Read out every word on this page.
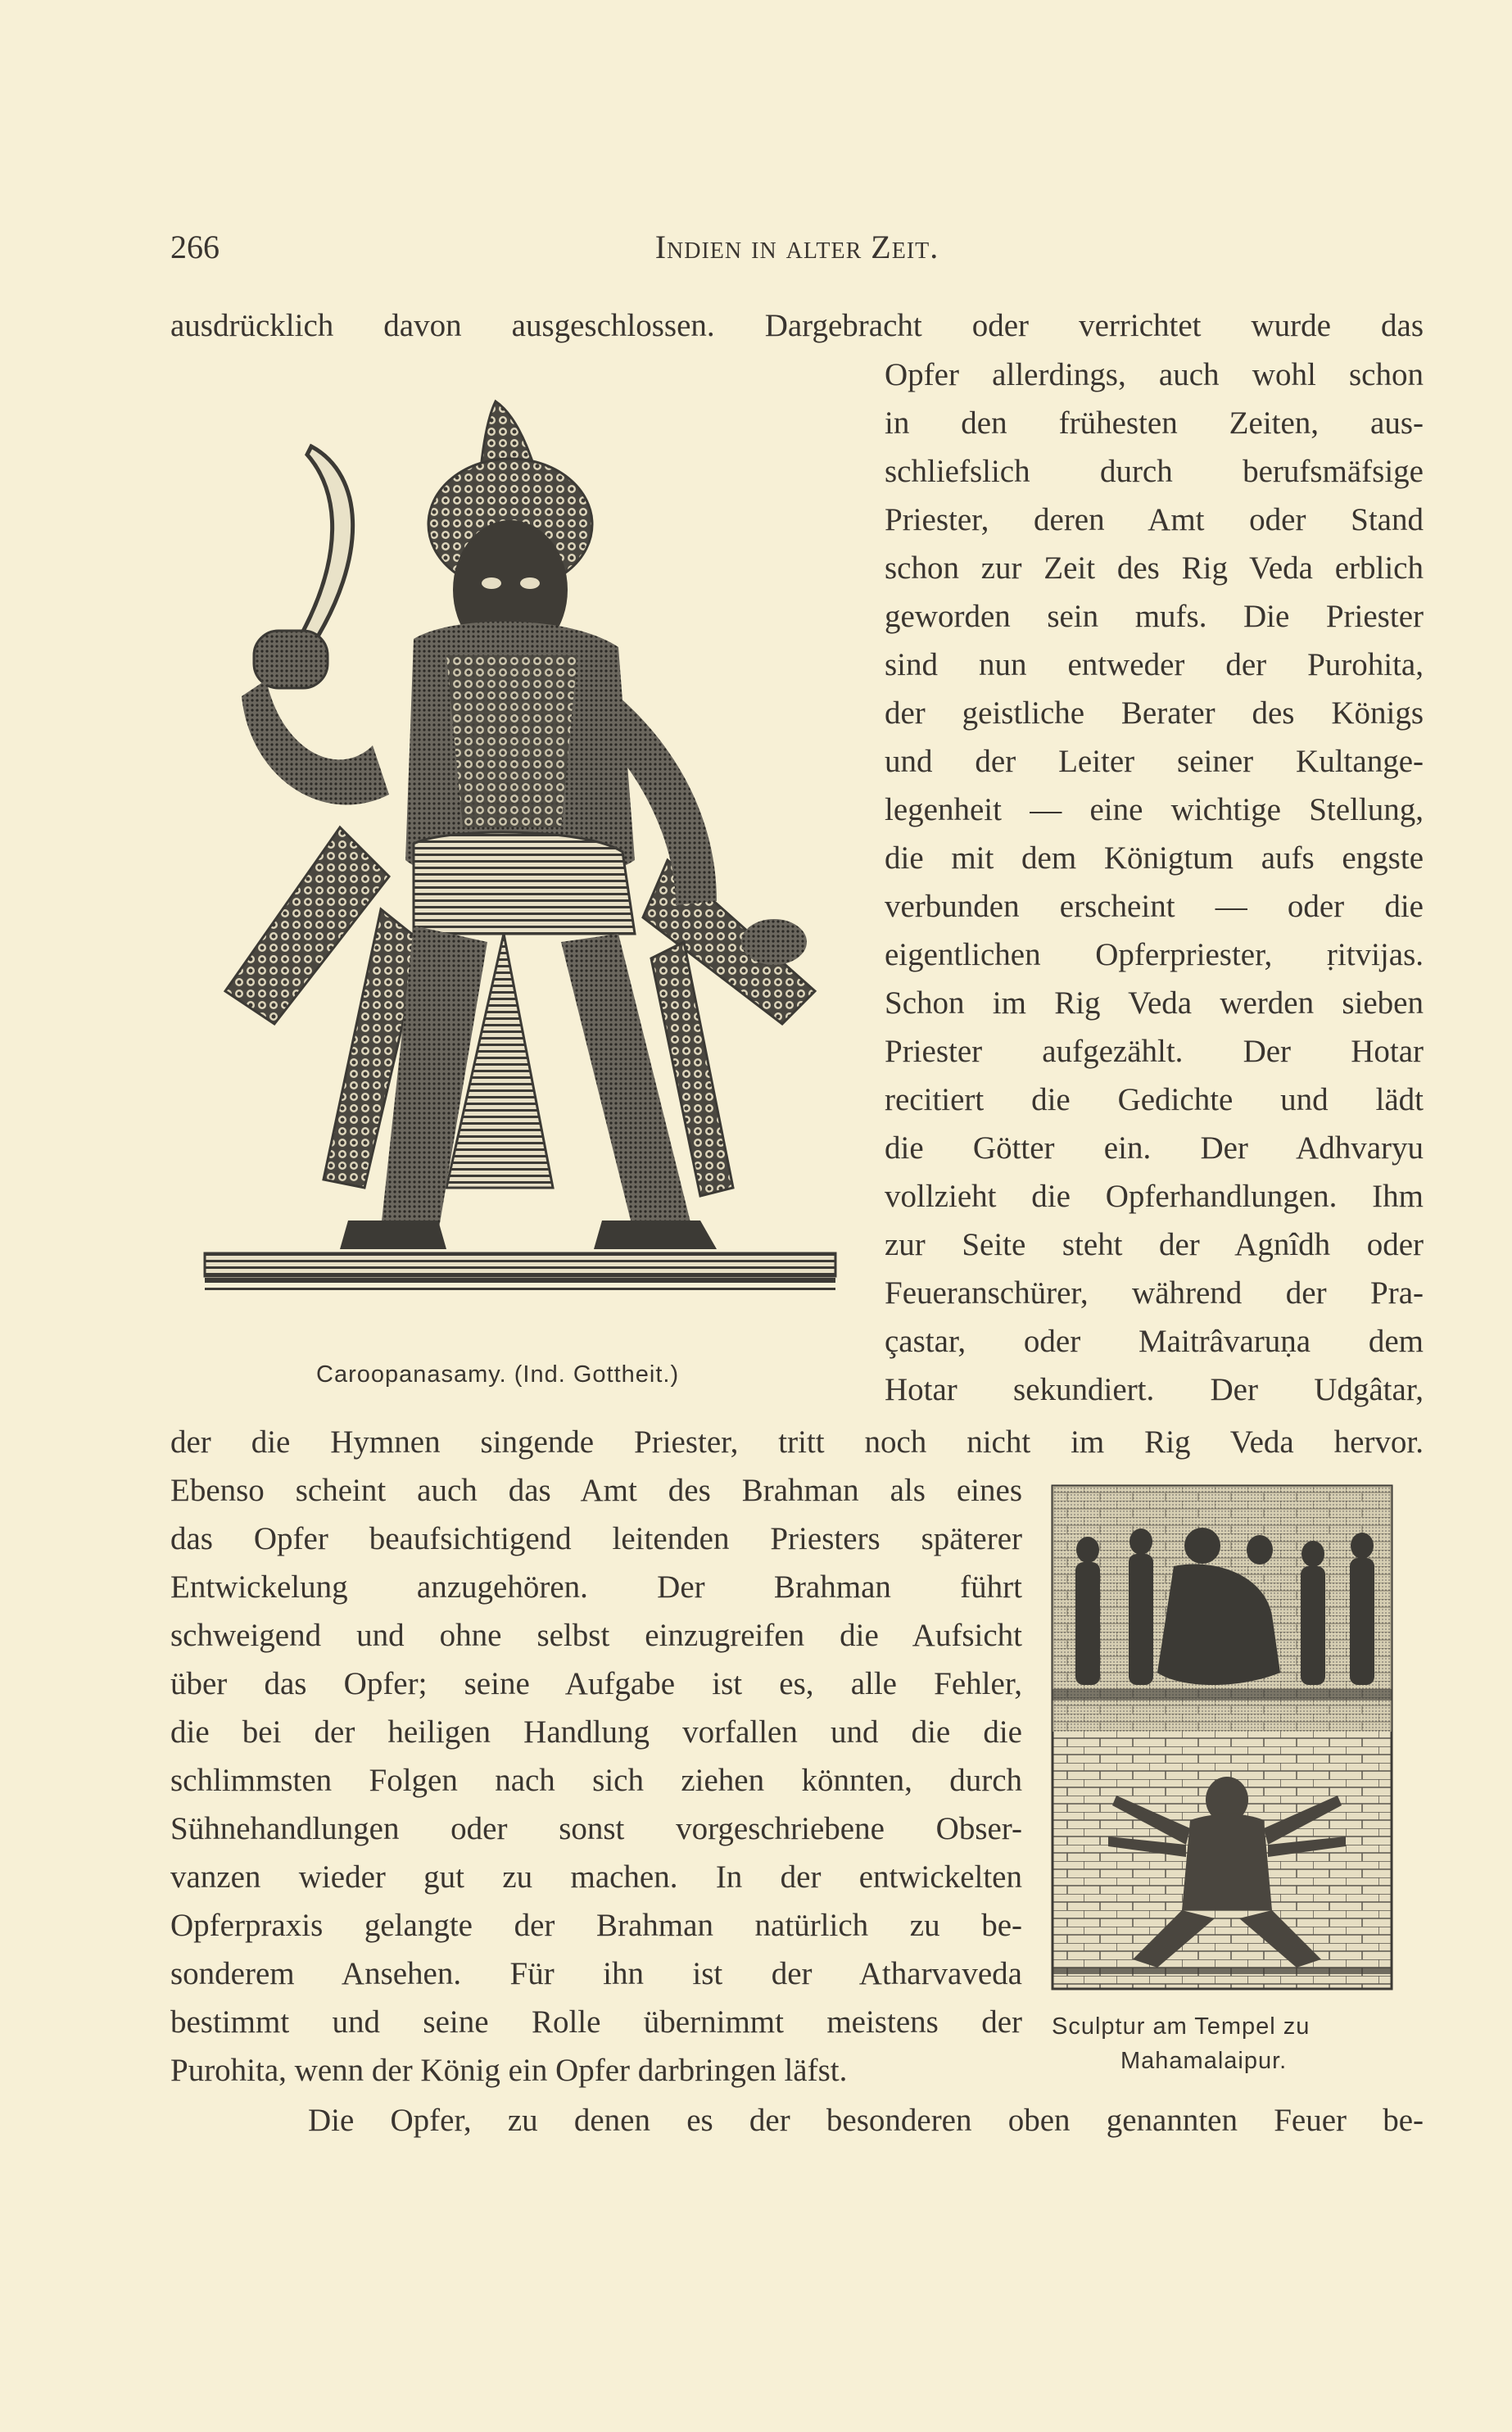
266	Indien in alter Zeit.
ausdrücklich davon ausgeschlossen. Dargebracht oder verrichtet wurde das
Opfer allerdings, auch wohl schon
in den frühesten Zeiten, aus-
schliefslich durch berufsmäfsige
Priester, deren Amt oder Stand
schon zur Zeit des Rig Veda erblich
geworden sein mufs. Die Priester
sind nun entweder der Purohita,
der geistliche Berater des Königs
und der Leiter seiner Kultange-
legenheit — eine wichtige Stellung,
die mit dem Königtum aufs engste
verbunden erscheint — oder die
eigentlichen Opferpriester, ṛitvijas.
Schon im Rig Veda werden sieben
Priester aufgezählt. Der Hotar
recitiert die Gedichte und lädt
die Götter ein. Der Adhvaryu
vollzieht die Opferhandlungen. Ihm
zur Seite steht der Agnîdh oder
Feueranschürer, während der Pra-
çastar, oder Maitrâvaruṇa dem
Hotar sekundiert. Der Udgâtar,
der die Hymnen singende Priester, tritt noch nicht im Rig Veda hervor.
Ebenso scheint auch das Amt des Brahman als eines
das Opfer beaufsichtigend leitenden Priesters späterer
Entwickelung anzugehören. Der Brahman führt
schweigend und ohne selbst einzugreifen die Aufsicht
über das Opfer; seine Aufgabe ist es, alle Fehler,
die bei der heiligen Handlung vorfallen und die die
schlimmsten Folgen nach sich ziehen könnten, durch
Sühnehandlungen oder sonst vorgeschriebene Obser-
vanzen wieder gut zu machen. In der entwickelten
Opferpraxis gelangte der Brahman natürlich zu be-
sonderem Ansehen. Für ihn ist der Atharvaveda
bestimmt und seine Rolle übernimmt meistens der
Purohita, wenn der König ein Opfer darbringen läfst.
Die Opfer, zu denen es der besonderen oben genannten Feuer be-
Caroopanasamy. (Ind. Gottheit.)
Sculptur am Tempel zu
Mahamalaipur.
